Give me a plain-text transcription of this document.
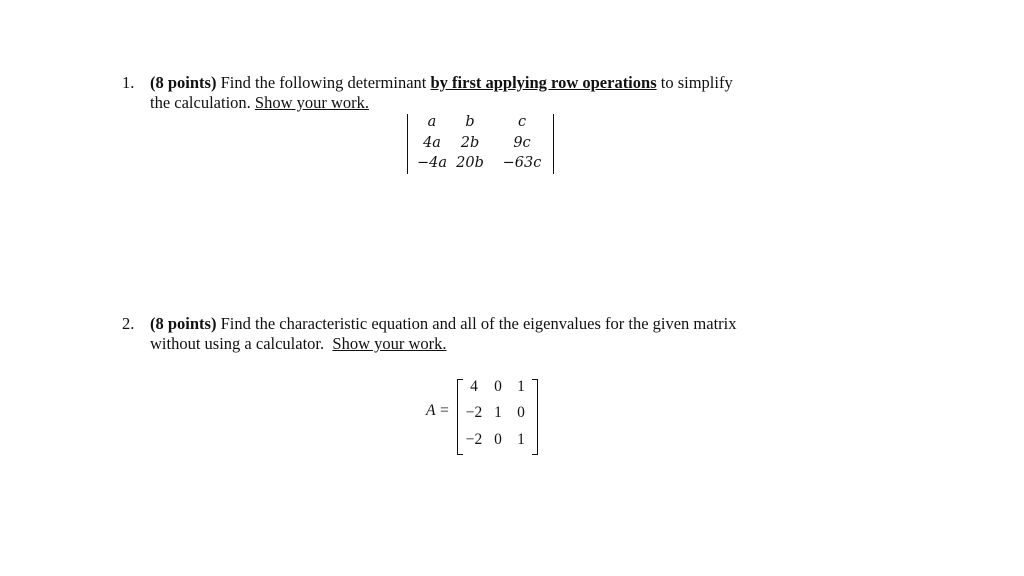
1. (8 points) Find the following determinant by first applying row operations to simplify
the calculation. Show your work.
a	b	c
4a	2b	9c
−4a 20b	−63c
2. (8 points) Find the characteristic equation and all of the eigenvalues for the given matrix
without using a calculator.  Show your work.
A =
4	0 1
−2 1 0
−2 0 1
